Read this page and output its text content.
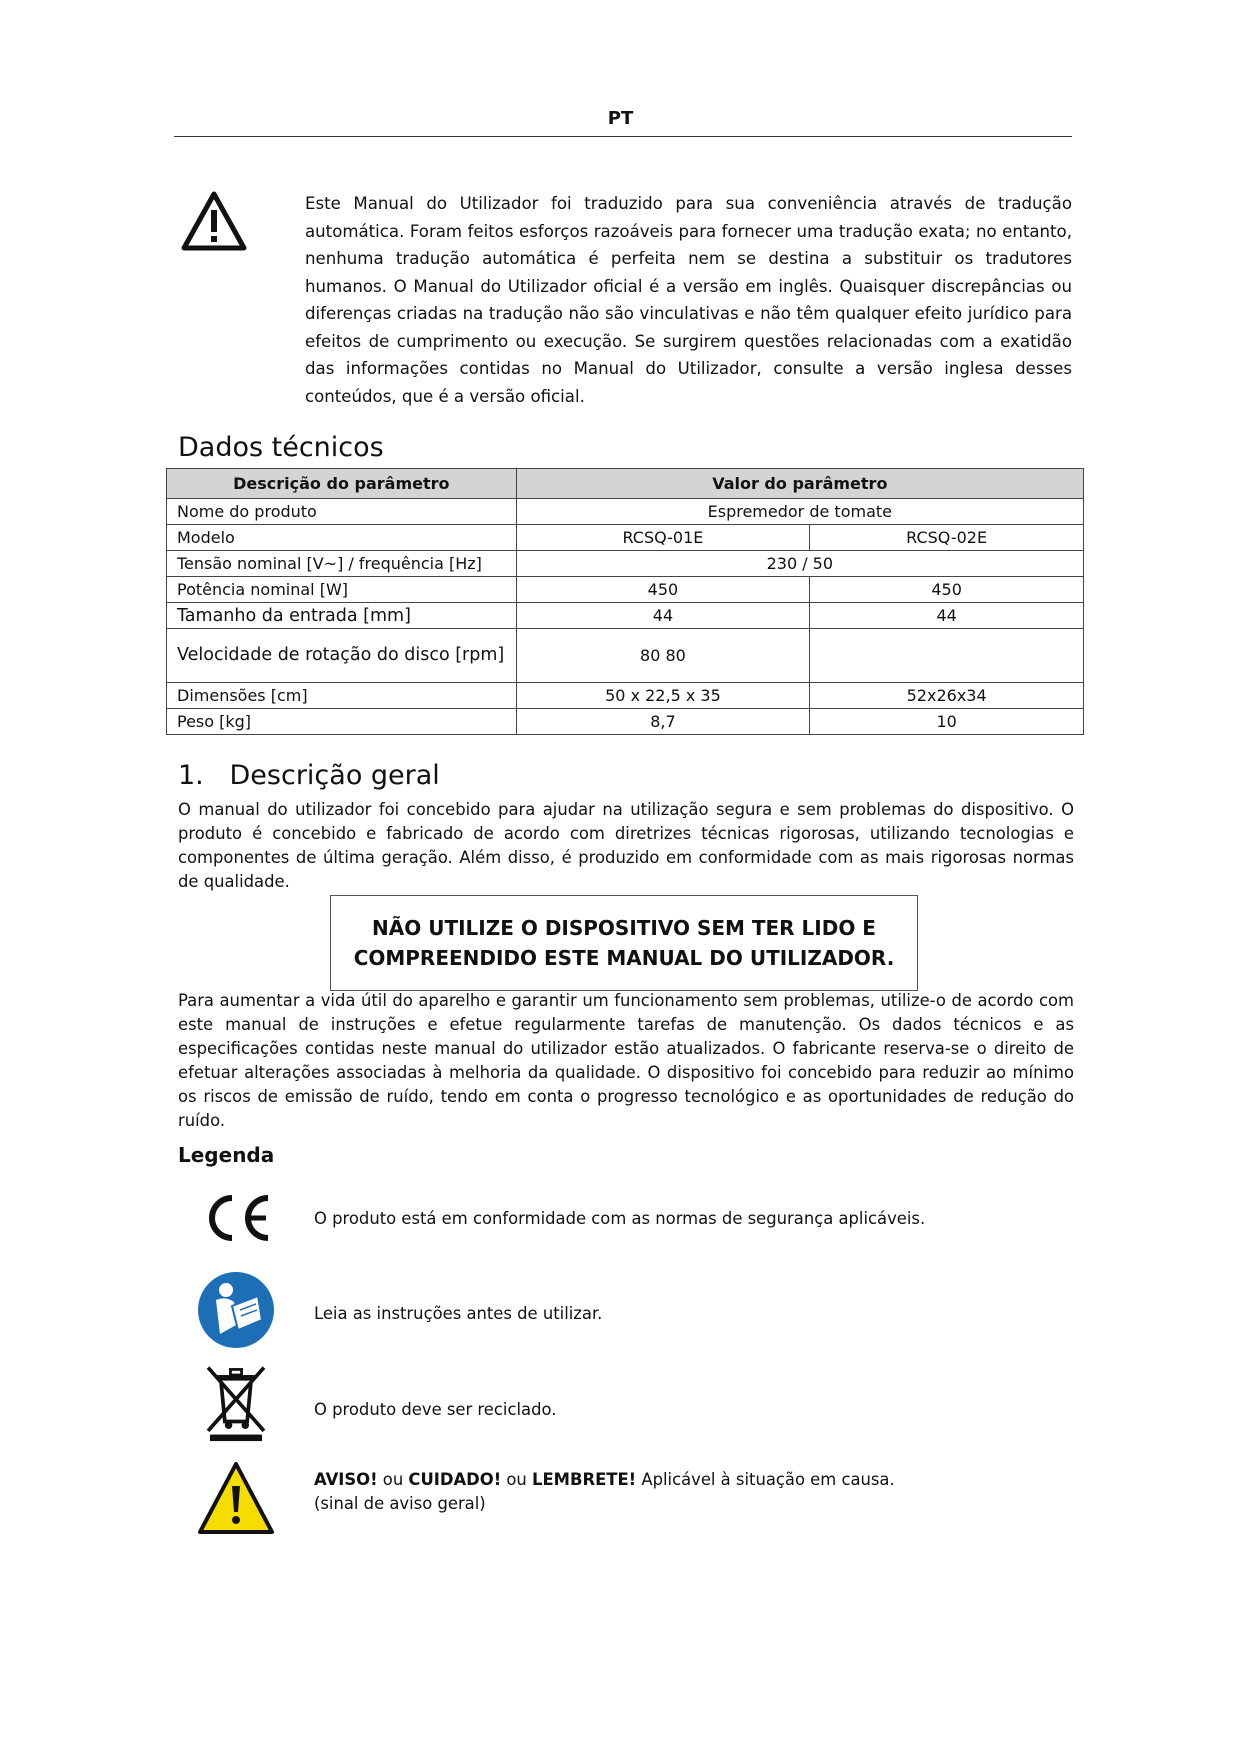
PT

Este Manual do Utilizador foi traduzido para sua conveniência através de tradução automática. Foram feitos esforços razoáveis para fornecer uma tradução exata; no entanto, nenhuma tradução automática é perfeita nem se destina a substituir os tradutores humanos. O Manual do Utilizador oficial é a versão em inglês. Quaisquer discrepâncias ou diferenças criadas na tradução não são vinculativas e não têm qualquer efeito jurídico para efeitos de cumprimento ou execução. Se surgirem questões relacionadas com a exatidão das informações contidas no Manual do Utilizador, consulte a versão inglesa desses conteúdos, que é a versão oficial.

Dados técnicos
Descrição do parâmetro	Valor do parâmetro	
Nome do produto	Espremedor de tomate	
Modelo	RCSQ-01E	RCSQ-02E
Tensão nominal [V~] / frequência [Hz]	230 / 50	
Potência nominal [W]	450	450
Tamanho da entrada [mm]	44	44
Velocidade de rotação do disco [rpm]	80 80	
Dimensões [cm]	50 x 22,5 x 35	52x26x34
Peso [kg]	8,7	10
1.   Descrição geral

O manual do utilizador foi concebido para ajudar na utilização segura e sem problemas do dispositivo. O produto é concebido e fabricado de acordo com diretrizes técnicas rigorosas, utilizando tecnologias e componentes de última geração. Além disso, é produzido em conformidade com as mais rigorosas normas de qualidade.

NÃO UTILIZE O DISPOSITIVO SEM TER LIDO E COMPREENDIDO ESTE MANUAL DO UTILIZADOR.

Para aumentar a vida útil do aparelho e garantir um funcionamento sem problemas, utilize-o de acordo com este manual de instruções e efetue regularmente tarefas de manutenção. Os dados técnicos e as especificações contidas neste manual do utilizador estão atualizados. O fabricante reserva-se o direito de efetuar alterações associadas à melhoria da qualidade. O dispositivo foi concebido para reduzir ao mínimo os riscos de emissão de ruído, tendo em conta o progresso tecnológico e as oportunidades de redução do ruído.

Legenda
O produto está em conformidade com as normas de segurança aplicáveis.
Leia as instruções antes de utilizar.
O produto deve ser reciclado.
AVISO! ou CUIDADO! ou LEMBRETE! Aplicável à situação em causa.
(sinal de aviso geral)
